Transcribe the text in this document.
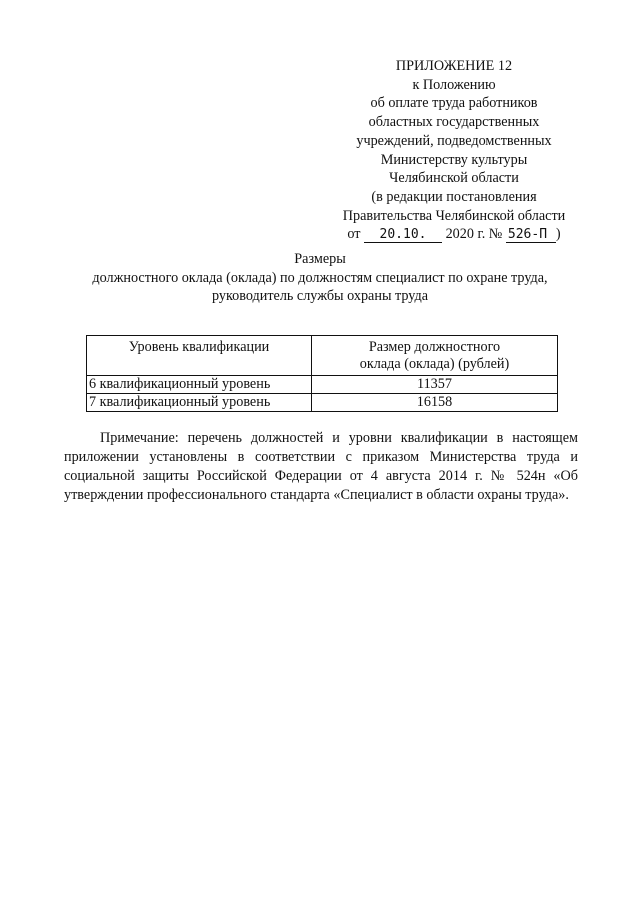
ПРИЛОЖЕНИЕ 12
к Положению
об оплате труда работников
областных государственных
учреждений, подведомственных
Министерству культуры
Челябинской области
(в редакции постановления
Правительства Челябинской области
от 20.10. 2020 г. № 526-П )
Размеры
должностного оклада (оклада) по должностям специалист по охране труда,
руководитель службы охраны труда
Уровень квалификации	Размер должностного
оклада (оклада) (рублей)
6 квалификационный уровень	11357
7 квалификационный уровень	16158

Примечание: перечень должностей и уровни квалификации в настоящем приложении установлены в соответствии с приказом Министерства труда и социальной защиты Российской Федерации от 4 августа 2014 г. № 524н «Об утверждении профессионального стандарта «Специалист в области охраны труда».
